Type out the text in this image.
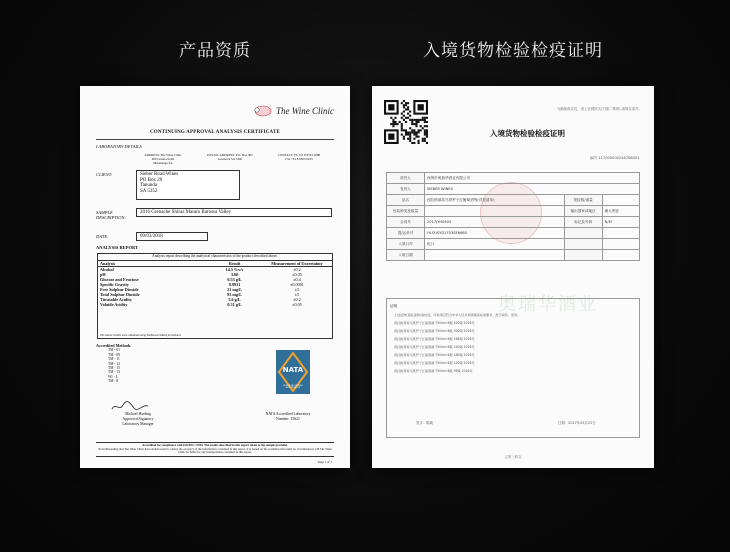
产品资质	入境货物检验检疫证明
The Wine Clinic
CONTINUING APPROVAL ANALYSIS CERTIFICATE
LABORATORY DETAILS
ADDRESS: The Wine Clinic
900 Greenock Rd
Marananga SA
POSTAL ADDRESS: P.O. Box 405
Greenock SA 5360
CONTACT: Ph +61 8 8563 0288
Fax +61 8 8563 0223
CLIENT:	Sieber Road Wines
PO Box 20
Tanunda
SA 5352
SAMPLE DESCRIPTION:
2016 Grenache Shiraz Mataro Barossa Valley
DATE:	09/03/2018
ANALYSIS REPORT
Analysis report describing the analytical characteristics of the product described above.
Analysis	Result	Measurement of Uncertainty
Alcohol	14.5 %v/v	±0.2
pH	3.60	±0.05
Glucose and Fructose	0.53 g/L	±0.4
Specific Gravity	0.9931	±0.0001
Free Sulphur Dioxide	21 mg/L	±5
Total Sulphur Dioxide	93 mg/L	±5
Titratable Acidity	5.6 g/L	±0.2
Volatile Acidity	0.31 g/L	±0.05
The above results were obtained using NATA accredited procedures
Accredited Methods
TM - 01
TM - 09
TM - 11
TM - 12
TM - 15
TM - 13
WI - 4
TM - 8
NATA
WORLD RECOGNISED ACCREDITATION
Michael Harding
Approved Signatory
Laboratory Manager
NATA Accredited Laboratory
Number: 15621
Accredited for compliance with ISO/IEC 17025. The results described in this report relate to the sample provided.
Notwithstanding that The Wine Clinic have endeavoured to ensure the accuracy of the information contained in this report, it is issued on the condition that under no circumstances will The Wine Clinic be liable for any interpretation contained in this report.
Page 1 of 1
为确保真实性，请上官网核实(扫描二维码),请保存原件。
入境货物检验检疫证明
编号 117000000246786001
收货人	深圳市奥瑞华酒业有限公司		
发货人	SIEBER WINES		
品名	西拉格那希马塔罗干红葡萄酒等(详见清单)	报检数/重量	
包装种类及数量		输出国家或地区	澳大利亚
合同号	2017JYH0405	标记及号码	N/M
提/运单号	HLCUSYD1703SE6660		
入境口岸	蛇口		
入境日期			
证明
上述货物(商品)经检验检疫，所检项目符合中华人民共和国国家标准要求，准予销售、使用。
西拉格那希马塔罗干红葡萄酒 750ml×6瓶 420箱 2016年
西拉格那希马塔罗干红葡萄酒 750ml×6瓶 300箱 2016年
西拉格那希马塔罗干红葡萄酒 750ml×6瓶 168箱 2016年
西拉格那希马塔罗干红葡萄酒 750ml×6瓶 240箱 2016年
西拉格那希马塔罗干红葡萄酒 750ml×6瓶 180箱 2016年
西拉格那希马塔罗干红葡萄酒 750ml×6瓶 120箱 2016年
西拉格那希马塔罗干红葡萄酒 750ml×6瓶 96箱 2016年
奥瑞华酒业
签字：陈诚	日期：2017年05月25日
以第三联存
